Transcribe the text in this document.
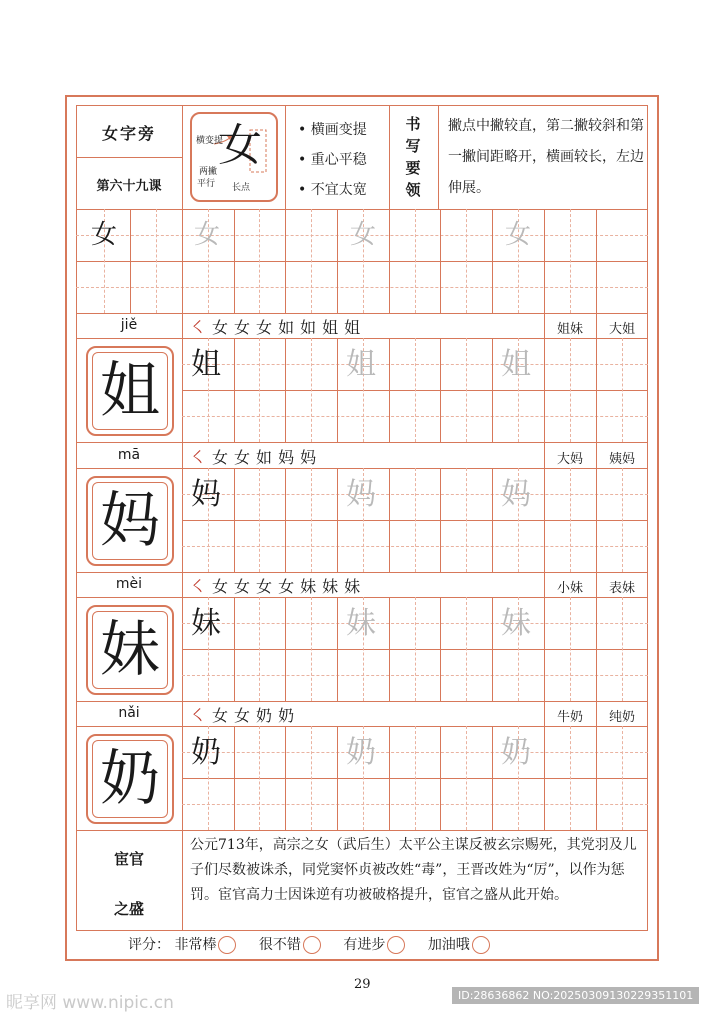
女字旁
第六十九课
女
横变提
两撇
平行 长点
• 横画变提
• 重心平稳
• 不宜太宽
书
写
要
领
撇点中撇较直，第二撇较斜和第一撇间距略开，横画较长，左边伸展。
女	女	女	女
jiě	㇛ 女 女 女 如 如 姐 姐	姐妹	大姐
姐	姐	姐	姐
mā	㇛ 女 女 如 妈 妈	大妈	姨妈
妈	妈	妈	妈
mèi	㇛ 女 女 女 女 妹 妹 妹	小妹	表妹
妹	妹	妹	妹
nǎi	㇛ 女 女 奶 奶	牛奶	纯奶
奶	奶	奶	奶
宦官
之盛
公元713年，高宗之女（武后生）太平公主谋反被玄宗赐死，其党羽及儿子们尽数被诛杀，同党窦怀贞被改姓“毒”，王晋改姓为“厉”，以作为惩罚。宦官高力士因诛逆有功被破格提升，宦官之盛从此开始。
评分： 非常棒	很不错	有进步	加油哦
29
昵享网 www.nipic.cn	ID:28636862 NO:20250309130229351101
